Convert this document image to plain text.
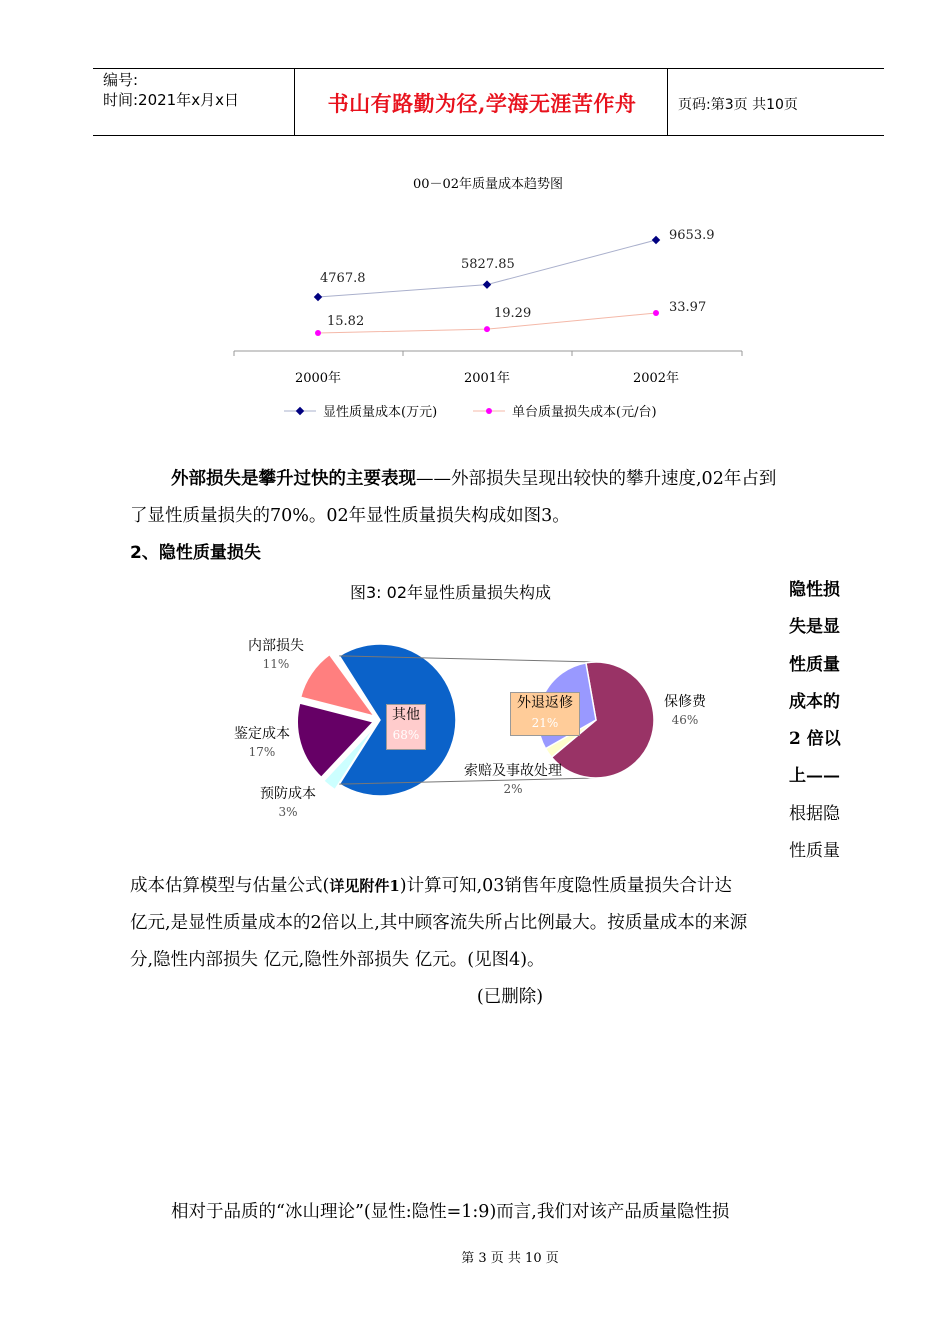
编号:
时间:2021年x月x日	书山有路勤为径,学海无涯苦作舟	页码:第3页 共10页
00－02年质量成本趋势图
2000年	2001年	2002年
4767.8
5827.85
9653.9
15.82
19.29	33.97
显性质量成本(万元)	单台质量损失成本(元/台)
外部损失是攀升过快的主要表现——外部损失呈现出较快的攀升速度,02年占到
了显性质量损失的70%。02年显性质量损失构成如图3。
2、隐性质量损失
图3: 02年显性质量损失构成
内部损失
11%
鉴定成本
17%
预防成本
3%
其他
68%
外退返修
21%
保修费
46%
索赔及事故处理
2%
隐性损
失是显
性质量
成本的
2 倍以
上——
根据隐
性质量
成本估算模型与估量公式(详见附件1)计算可知,03销售年度隐性质量损失合计达
亿元,是显性质量成本的2倍以上,其中顾客流失所占比例最大。按质量成本的来源
分,隐性内部损失 亿元,隐性外部损失 亿元。(见图4)。
(已删除)
相对于品质的“冰山理论”(显性:隐性=1:9)而言,我们对该产品质量隐性损
第 3 页 共 10 页
